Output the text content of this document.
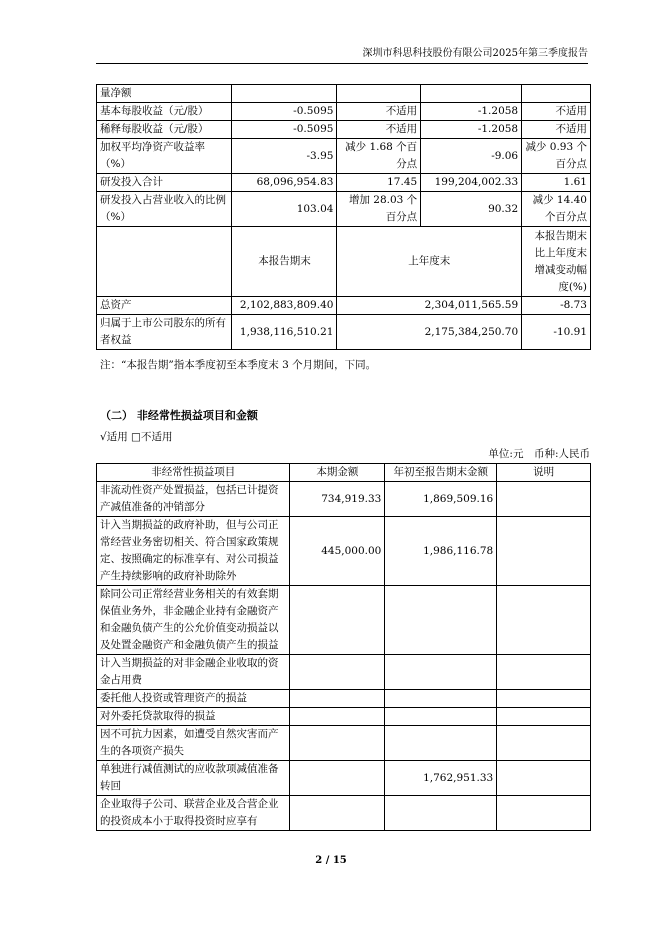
深圳市科思科技股份有限公司2025年第三季度报告
量净额				
基本每股收益（元/股）	-0.5095	不适用	-1.2058	不适用
稀释每股收益（元/股）	-0.5095	不适用	-1.2058	不适用
加权平均净资产收益率（%）	-3.95	减少 1.68 个百分点	-9.06	减少 0.93 个百分点
研发投入合计	68,096,954.83	17.45	199,204,002.33	1.61
研发投入占营业收入的比例（%）	103.04	增加 28.03 个百分点	90.32	减少 14.40 个百分点
	本报告期末	上年度末		本报告期末比上年度末增减变动幅度(%)
总资产	2,102,883,809.40	2,304,011,565.59		-8.73
归属于上市公司股东的所有者权益	1,938,116,510.21	2,175,384,250.70		-10.91
注：“本报告期”指本季度初至本季度末 3 个月期间，下同。
（二） 非经常性损益项目和金额
√适用 □不适用
单位:元　币种:人民币
非经常性损益项目	本期金额	年初至报告期末金额	说明
非流动性资产处置损益，包括已计提资产减值准备的冲销部分	734,919.33	1,869,509.16	
计入当期损益的政府补助，但与公司正常经营业务密切相关、符合国家政策规定、按照确定的标准享有、对公司损益产生持续影响的政府补助除外	445,000.00	1,986,116.78	
除同公司正常经营业务相关的有效套期保值业务外，非金融企业持有金融资产和金融负债产生的公允价值变动损益以及处置金融资产和金融负债产生的损益			
计入当期损益的对非金融企业收取的资金占用费			
委托他人投资或管理资产的损益			
对外委托贷款取得的损益			
因不可抗力因素，如遭受自然灾害而产生的各项资产损失			
单独进行减值测试的应收款项减值准备转回		1,762,951.33	
企业取得子公司、联营企业及合营企业的投资成本小于取得投资时应享有			
2 / 15
